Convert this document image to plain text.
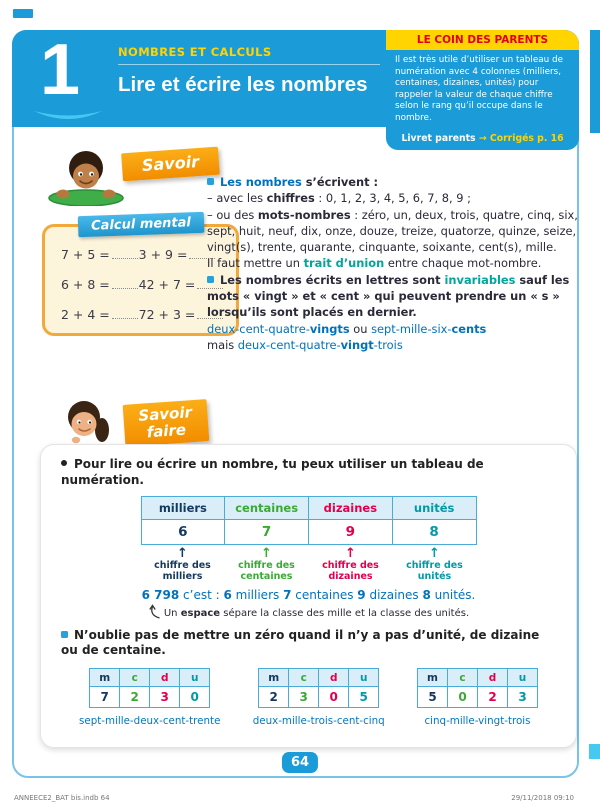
1	NOMBRES ET CALCULS
Lire et écrire les nombres
LE COIN DES PARENTS

Il est très utile d’utiliser un tableau de numération avec 4 colonnes (milliers, centaines, dizaines, unités) pour rappeler la valeur de chaque chiffre selon le rang qu’il occupe dans le nombre.

Livret parents → Corrigés p. 16
Savoir
Calcul mental
7 + 5 =	3 + 9 =
6 + 8 =	42 + 7 =
2 + 4 =	72 + 3 =

Les nombres s’écrivent :

– avec les chiffres : 0, 1, 2, 3, 4, 5, 6, 7, 8, 9 ;

– ou des mots-nombres : zéro, un, deux, trois, quatre, cinq, six, sept, huit, neuf, dix, onze, douze, treize, quatorze, quinze, seize, vingt(s), trente, quarante, cinquante, soixante, cent(s), mille.

Il faut mettre un trait d’union entre chaque mot-nombre.

Les nombres écrits en lettres sont invariables sauf les mots « vingt » et « cent » qui peuvent prendre un « s » lorsqu’ils sont placés en dernier.

deux-cent-quatre-vingts ou sept-mille-six-cents
mais deux-cent-quatre-vingt-trois

Savoir
faire

Pour lire ou écrire un nombre, tu peux utiliser un tableau de numération.

milliers	centaines	dizaines	unités
6	7	9	8
↑
chiffre des milliers
↑
chiffre des centaines
↑
chiffre des dizaines
↑
chiffre des unités

6 798 c’est : 6 milliers 7 centaines 9 dizaines 8 unités.

Un espace sépare la classe des mille et la classe des unités.

N’oublie pas de mettre un zéro quand il n’y a pas d’unité, de dizaine ou de centaine.

m	c	d	u
7	2	3	0
sept-mille-deux-cent-trente
m	c	d	u
2	3	0	5
deux-mille-trois-cent-cinq
m	c	d	u
5	0	2	3
cinq-mille-vingt-trois
64
ANNEECE2_BAT bis.indb 64	29/11/2018 09:10
